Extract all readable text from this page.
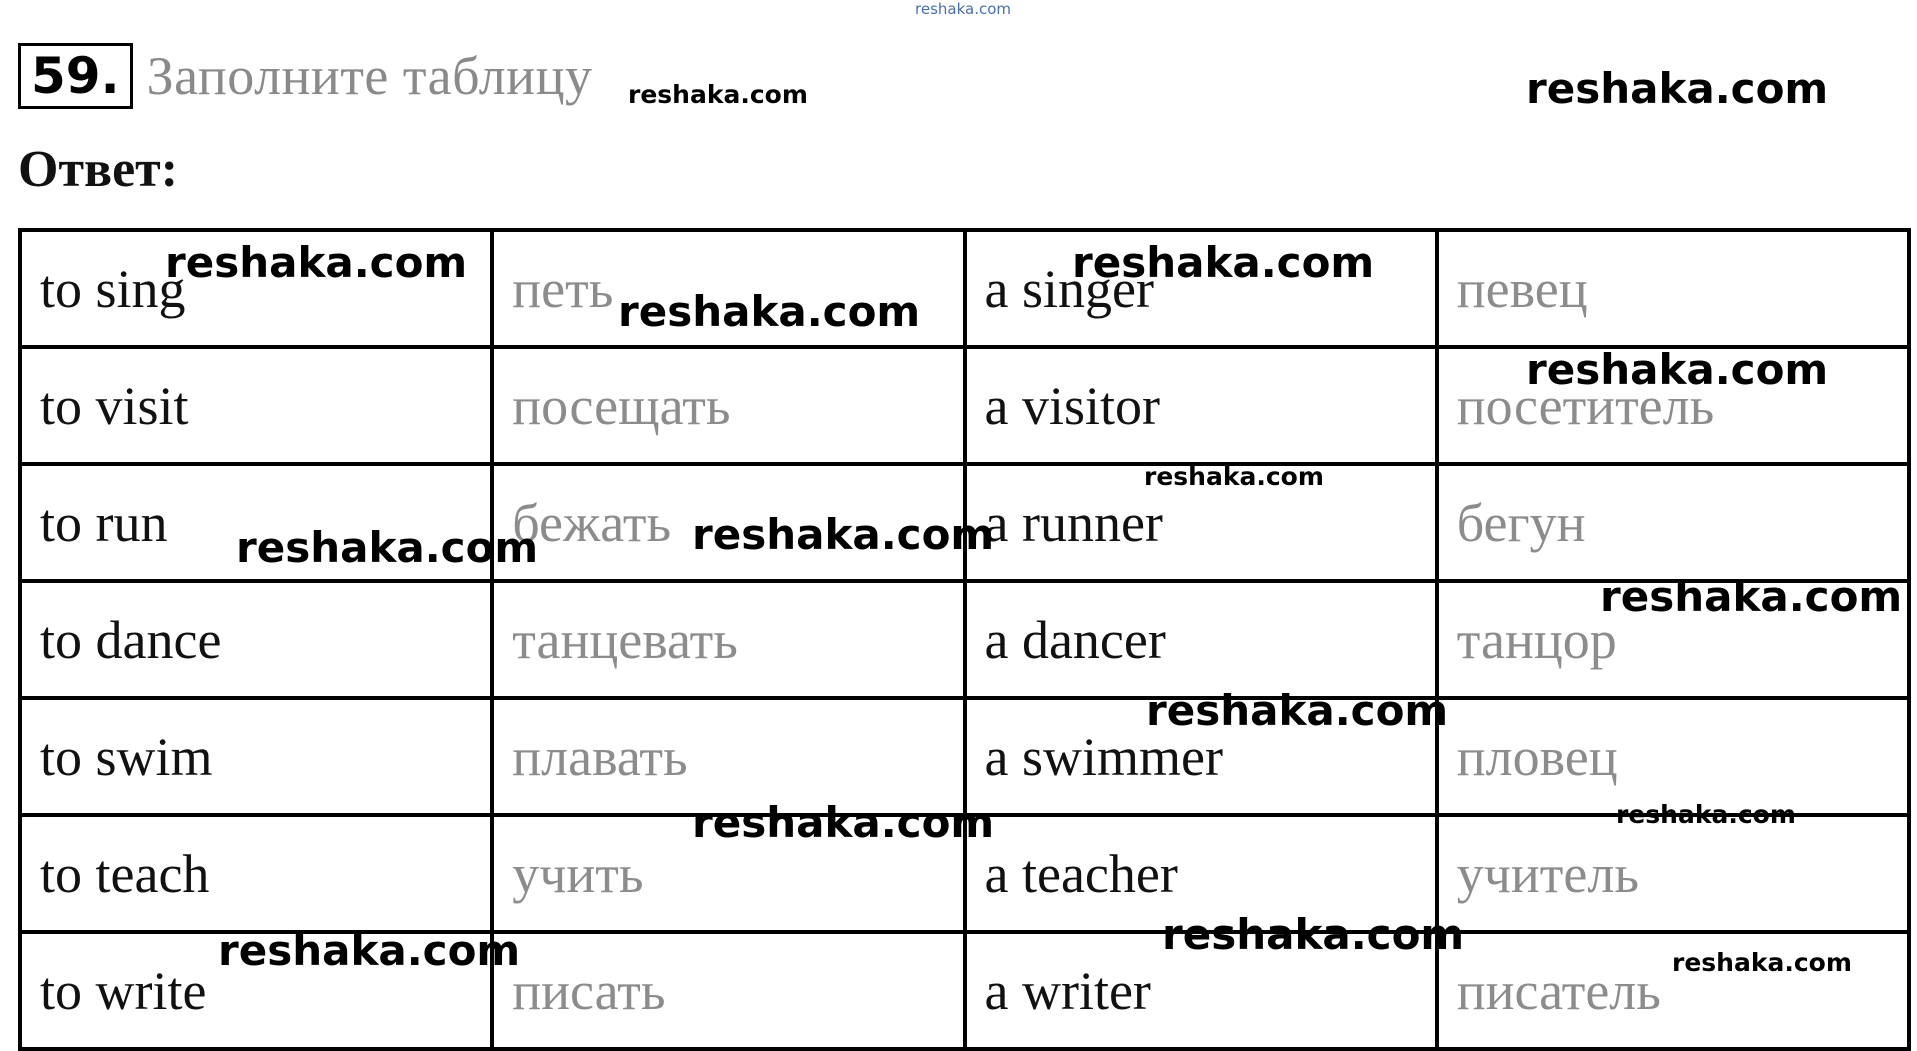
59. Заполните таблицу
Ответ:
to sing	петь	a singer	певец
to visit	посещать	a visitor	посетитель
to run	бежать	a runner	бегун
to dance	танцевать	a dancer	танцор
to swim	плавать	a swimmer	пловец
to teach	учить	a teacher	учитель
to write	писать	a writer	писатель
reshaka.com
reshaka.com	reshaka.com
reshaka.com	reshaka.com
reshaka.com
reshaka.com
reshaka.com
reshaka.com	reshaka.com
reshaka.com
reshaka.com
reshaka.com	reshaka.com
reshaka.com	reshaka.com
reshaka.com
